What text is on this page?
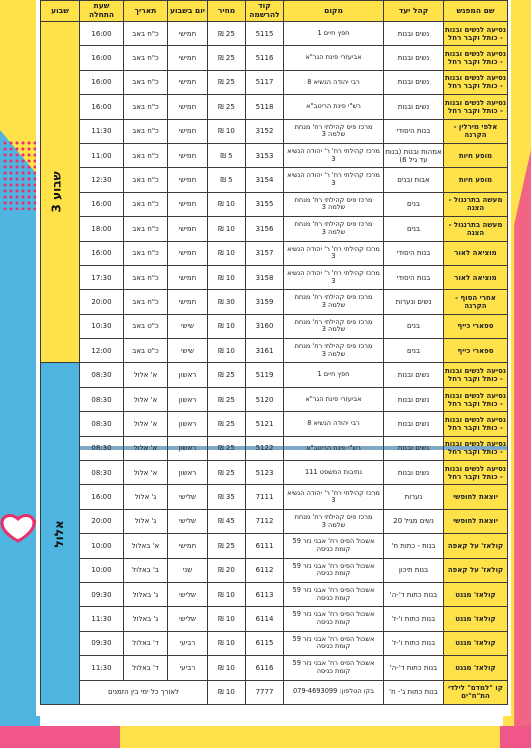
שם המפגש	קהל יעד	מקום	קוד להרשמה	מחיר	יום בשבוע	תאריך	שעת התחלה	שבוע
נסיעה לנשים ובנות - כותל וקבר רחל	נשים ובנות	חפץ חיים 1	5115	25 ₪	חמישי	כ"ח באב	16:00	שבוע 3
נסיעה לנשים ובנות - כותל וקבר רחל	נשים ובנות	אביעזרי פינת הגר"א	5116	25 ₪	חמישי	כ"ח באב	16:00	
נסיעה לנשים ובנות - כותל וקבר רחל	נשים ובנות	רבי יהודה הנשיא 8	5117	25 ₪	חמישי	כ"ח באב	16:00	
נסיעה לנשים ובנות - כותל וקבר רחל	נשים ובנות	רש"י פינת הריטב"א	5118	25 ₪	חמישי	כ"ח באב	16:00	
אלפי מירלין - הקרנה	בנות היסודי	מרכז פיס קהילתי רח' מנחת שלמה 3	3152	10 ₪	חמישי	כ"ח באב	11:30	
מופע חיות	אמהות ובנות (בנות עד גיל 6)	מרכז קהילתי רח' ר' יהודה הנשיא 3	3153	5 ₪	חמישי	כ"ח באב	11:00	
מופע חיות	אבות ובנים	מרכז קהילתי רח' ר' יהודה הנשיא 3	3154	5 ₪	חמישי	כ"ח באב	12:30	
מעשה בתרנגול - הצגה	בנים	מרכז פיס קהילתי רח' מנחת שלמה 3	3155	10 ₪	חמישי	כ"ח באב	16:00	
מעשה בתרנגול - הצגה	בנים	מרכז פיס קהילתי רח' מנחת שלמה 3	3156	10 ₪	חמישי	כ"ח באב	18:00	
מוציאה לאור	בנות היסודי	מרכז קהילתי רח' ר' יהודה הנשיא 3	3157	10 ₪	חמישי	כ"ח באב	16:00	
מוציאה לאור	בנות היסודי	מרכז קהילתי רח' ר' יהודה הנשיא 3	3158	10 ₪	חמישי	כ"ח באב	17:30	
אחרי הסוף - הקרנה	נשים ונערות	מרכז פיס קהילתי רח' מנחת שלמה 3	3159	30 ₪	חמישי	כ"ח באב	20:00	
ספארי כייף	בנים	מרכז פיס קהילתי רח' מנחת שלמה 3	3160	10 ₪	שישי	כ"ט באב	10:30	
ספארי כייף	בנים	מרכז פיס קהילתי רח' מנחת שלמה 3	3161	10 ₪	שישי	כ"ט באב	12:00	
נסיעה לנשים ובנות - כותל וקבר רחל	נשים ובנות	חפץ חיים 1	5119	25 ₪	ראשון	א' אלול	08:30	אלול
נסיעה לנשים ובנות - כותל וקבר רחל	נשים ובנות	אביעזרי פינת הגר"א	5120	25 ₪	ראשון	א' אלול	08:30	
נסיעה לנשים ובנות - כותל וקבר רחל	נשים ובנות	רבי יהודה הנשיא 8	5121	25 ₪	ראשון	א' אלול	08:30	
נסיעה לנשים ובנות - כותל וקבר רחל	נשים ובנות	רש"י פינת הריטב"א	5122	25 ₪	ראשון	א' אלול	08:30	
נסיעה לנשים ובנות - כותל וקבר רחל	נשים ובנות	נתיבות המשפט 111	5123	25 ₪	ראשון	א' אלול	08:30	
יוצאת לחופשי	נערות	מרכז קהילתי רח' ר' יהודה הנשיא 3	7111	35 ₪	שלישי	ג' אלול	16:00	
יוצאת לחופשי	נשים מגיל 20	מרכז פיס קהילתי רח' מנחת שלמה 3	7112	45 ₪	שלישי	ג' אלול	20:00	
קולאז' על קאפה	בנות - כתות ח'	אשכול הפיס רח' אבני נזר 59 קומת כניסה	6111	25 ₪	חמישי	א' באלול	10:00	
קולאז' על קאפה	בנות תיכון	אשכול הפיס רח' אבני נזר 59 קומת כניסה	6112	20 ₪	שני	ב' באלול	10:00	
קולאז' מגנט	בנות כתות ד'-ה'	אשכול הפיס רח' אבני נזר 59 קומת כניסה	6113	10 ₪	שלישי	ג' באלול	09:30	
קולאז' מגנט	בנות כתות ו'-ז'	אשכול הפיס רח' אבני נזר 59 קומת כניסה	6114	10 ₪	שלישי	ג' באלול	11:30	
קולאז' מגנט	בנות כתות ו'-ז'	אשכול הפיס רח' אבני נזר 59 קומת כניסה	6115	10 ₪	רביעי	ד' באלול	09:30	
קולאז' מגנט	בנות כתות ד'-ה'	אשכול הפיס רח' אבני נזר 59 קומת כניסה	6116	10 ₪	רביעי	ד' באלול	11:30	
קו "למדם" לילדי הת"ח"ים	בנות כתות ג'- ח'	בקו הטלפון: 079-4693099	7777	10 ₪	לאורך כל ימי בין הזמנים			
